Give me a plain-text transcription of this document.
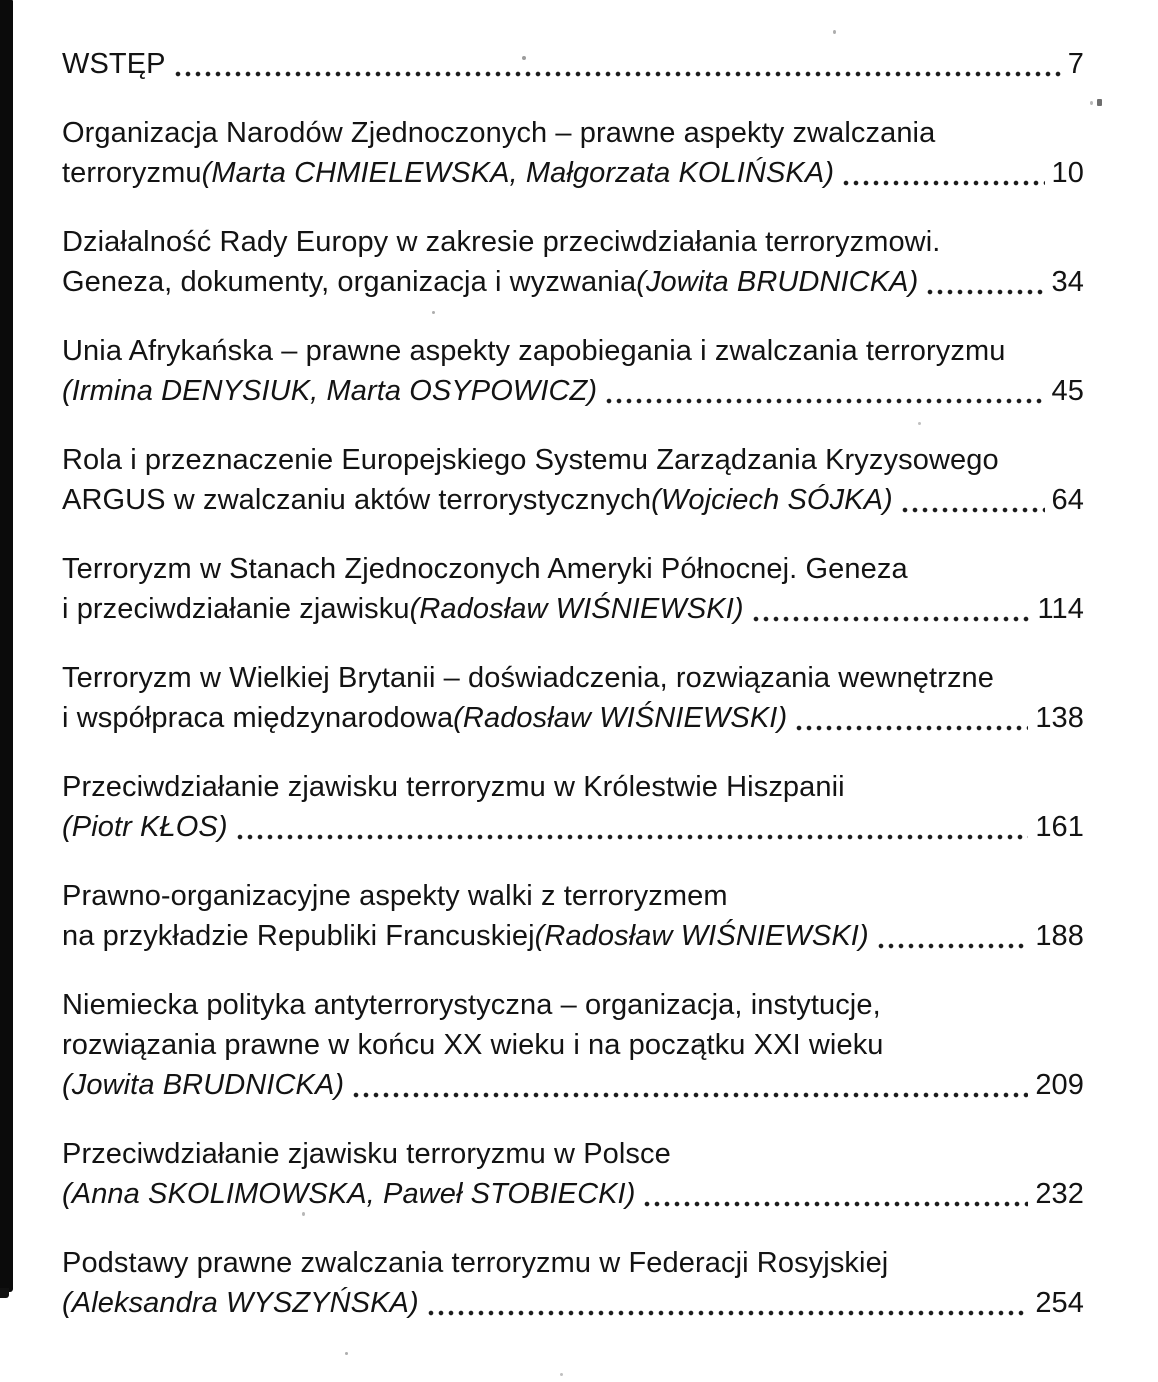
WSTĘP	7
Organizacja Narodów Zjednoczonych – prawne aspekty zwalczania
terroryzmu (Marta CHMIELEWSKA, Małgorzata KOLIŃSKA)	10
Działalność Rady Europy w zakresie przeciwdziałania terroryzmowi.
Geneza, dokumenty, organizacja i wyzwania (Jowita BRUDNICKA)	34
Unia Afrykańska – prawne aspekty zapobiegania i zwalczania terroryzmu
(Irmina DENYSIUK, Marta OSYPOWICZ)	45
Rola i przeznaczenie Europejskiego Systemu Zarządzania Kryzysowego
ARGUS w zwalczaniu aktów terrorystycznych (Wojciech SÓJKA)	64
Terroryzm w Stanach Zjednoczonych Ameryki Północnej. Geneza
i przeciwdziałanie zjawisku (Radosław WIŚNIEWSKI)	114
Terroryzm w Wielkiej Brytanii – doświadczenia, rozwiązania wewnętrzne
i współpraca międzynarodowa (Radosław WIŚNIEWSKI)	138
Przeciwdziałanie zjawisku terroryzmu w Królestwie Hiszpanii
(Piotr KŁOS)	161
Prawno-organizacyjne aspekty walki z terroryzmem
na przykładzie Republiki Francuskiej (Radosław WIŚNIEWSKI)	188
Niemiecka polityka antyterrorystyczna – organizacja, instytucje,
rozwiązania prawne w końcu XX wieku i na początku XXI wieku
(Jowita BRUDNICKA)	209
Przeciwdziałanie zjawisku terroryzmu w Polsce
(Anna SKOLIMOWSKA, Paweł STOBIECKI)	232
Podstawy prawne zwalczania terroryzmu w Federacji Rosyjskiej
(Aleksandra WYSZYŃSKA)	254
